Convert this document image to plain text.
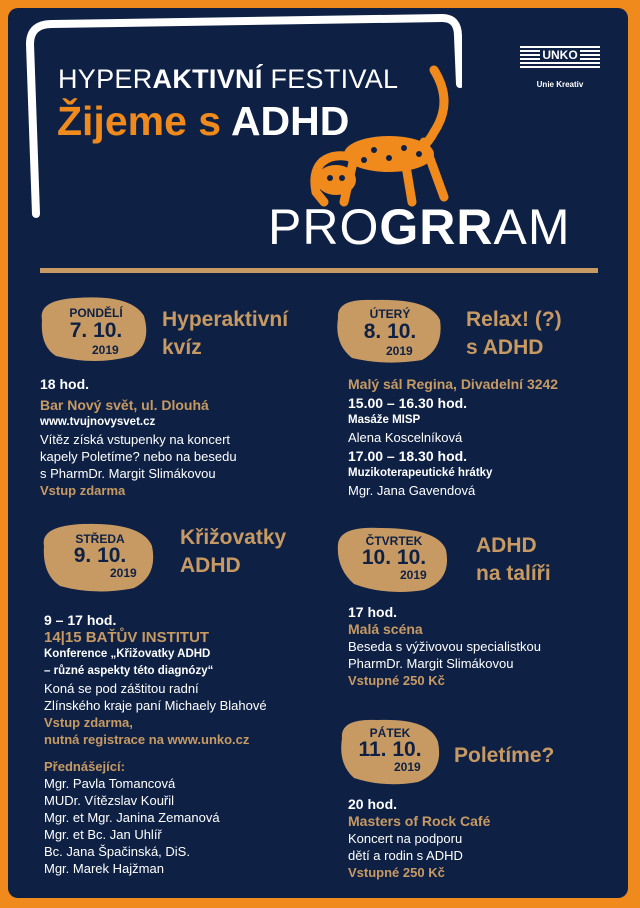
HYPERAKTIVNÍ FESTIVAL
Žijeme s ADHD
UNKO
Unie Kreativ
PROGRRAM
PONDĚLÍ
7. 10.
2019
Hyperaktivní
kvíz
18 hod.
Bar Nový svět, ul. Dlouhá
www.tvujnovysvet.cz
Vítěz získá vstupenky na koncert
kapely Poletíme? nebo na besedu
s PharmDr. Margit Slimákovou
Vstup zdarma
ÚTERÝ
8. 10.
2019
Relax! (?)
s ADHD
Malý sál Regina, Divadelní 3242
15.00 – 16.30 hod.
Masáže MISP
Alena Koscelníková
17.00 – 18.30 hod.
Muzikoterapeutické hrátky
Mgr. Jana Gavendová
STŘEDA
9. 10.
2019
Křižovatky
ADHD
9 – 17 hod.
14|15 BAŤŮV INSTITUT
Konference „Křižovatky ADHD
– různé aspekty této diagnózy“
Koná se pod záštitou radní
Zlínského kraje paní Michaely Blahové
Vstup zdarma,
nutná registrace na www.unko.cz
Přednášející:
Mgr. Pavla Tomancová
MUDr. Vítězslav Kouřil
Mgr. et Mgr. Janina Zemanová
Mgr. et Bc. Jan Uhlíř
Bc. Jana Špačinská, DiS.
Mgr. Marek Hajžman
ČTVRTEK
10. 10.
2019
ADHD
na talíři
17 hod.
Malá scéna
Beseda s výživovou specialistkou
PharmDr. Margit Slimákovou
Vstupné 250 Kč
PÁTEK
11. 10.
2019 Poletíme?
20 hod.
Masters of Rock Café
Koncert na podporu
dětí a rodin s ADHD
Vstupné 250 Kč
